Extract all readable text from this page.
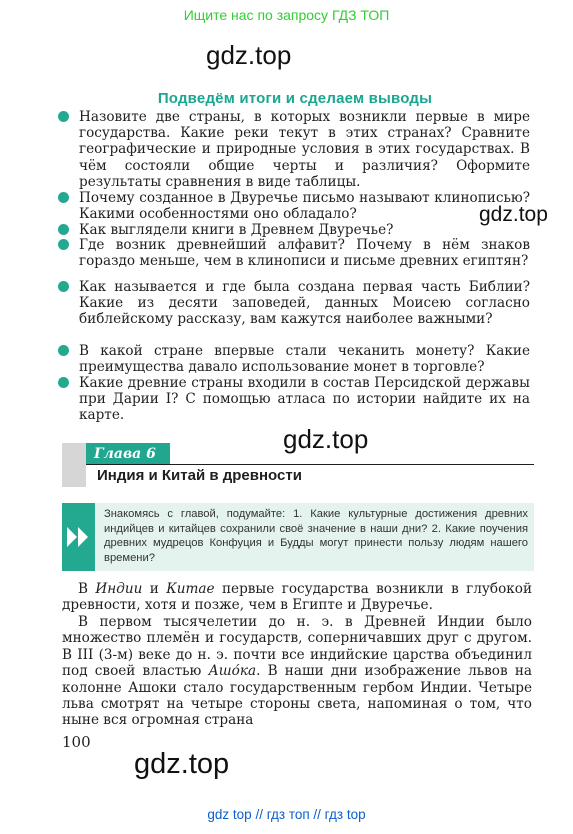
Ищите нас по запросу ГДЗ ТОП
gdz.top
Подведём итоги и сделаем выводы
Назовите две страны, в которых возникли первые в мире государства. Какие реки текут в этих странах? Сравните географические и природные условия в этих государствах. В чём состояли общие черты и различия? Оформите результаты сравнения в виде таблицы.
Почему созданное в Двуречье письмо называют клинописью? Какими особенностями оно обладало?
Как выглядели книги в Древнем Двуречье?
Где возник древнейший алфавит? Почему в нём знаков гораздо меньше, чем в клинописи и письме древних египтян?
Как называется и где была создана первая часть Библии? Какие из десяти заповедей, данных Моисею согласно библейскому рассказу, вам кажутся наиболее важными?
В какой стране впервые стали чеканить монету? Какие преимущества давало использование монет в торговле?
Какие древние страны входили в состав Персидской державы при Дарии I? С помощью атласа по истории найдите их на карте.
gdz.top
gdz.top
Глава 6
Индия и Китай в древности
Знакомясь с главой, подумайте: 1. Какие культурные достижения древних индийцев и китайцев сохранили своё значение в наши дни? 2. Какие поучения древних мудрецов Конфуция и Будды могут принести пользу людям нашего времени?
В Индии и Китае первые государства возникли в глубокой древности, хотя и позже, чем в Египте и Двуречье.
В первом тысячелетии до н. э. в Древней Индии было множество племён и государств, соперничавших друг с другом. В III (3-м) веке до н. э. почти все индийские царства объединил под своей властью Ашо́ка. В наши дни изображение львов на колонне Ашоки стало государственным гербом Индии. Четыре льва смотрят на четыре стороны света, напоминая о том, что ныне вся огромная страна
100
gdz.top
gdz top // гдз топ // гдз top
